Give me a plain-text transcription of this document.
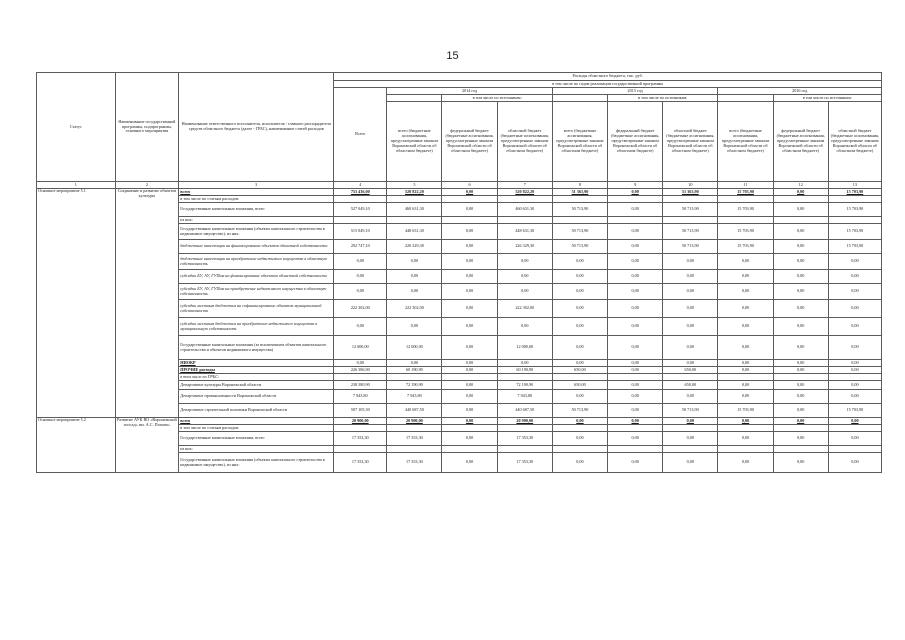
15
Статус	Наименование государственной программы, подпрограммы, основного мероприятия	Наименование ответственного исполнителя, исполнителя - главного распорядителя средств областного бюджета (далее - ГРБС), наименование статей расходов	Расходы областного бюджета, тыс. руб.									
			в том числе по годам реализации государственной программы									
			Всего	2014 год			2015 год			2016 год		
					в том числе по источникам:			в том числе по источникам:			в том числе по источникам:	
				всего (бюджетные ассигнования, предусмотренные законом Воронежской области об областном бюджете)	федеральный бюджет (бюджетные ассигнования, предусмотренные законом Воронежской области об областном бюджете)	областной бюджет (бюджетные ассигнования, предусмотренные законом Воронежской области об областном бюджете)	всего (бюджетные ассигнования, предусмотренные законом Воронежской области об областном бюджете)	федеральный бюджет (бюджетные ассигнования, предусмотренные законом Воронежской области об областном бюджете)	областной бюджет (бюджетные ассигнования, предусмотренные законом Воронежской области об областном бюджете)	всего (бюджетные ассигнования, предусмотренные законом Воронежской области об областном бюджете)	федеральный бюджет (бюджетные ассигнования, предусмотренные законом Воронежской области об областном бюджете)	областной бюджет (бюджетные ассигнования, предусмотренные законом Воронежской области об областном бюджете)
1	2	3	4	5	6	7	8	9	10	11	12	13
Основное мероприятие 5.1	Сохранение и развитие объектов культуры	всего	753 436,00	520 822,20	0,00	520 822,20	51 363,90	0,00	51 363,90	15 703,90	0,00	15 703,90
		в том числе по статьям расходов:										
		Государственные капитальные вложения, всего	527 049,10	460 631,30	0,00	460 631,30	50 713,90	0,00	50 713,90	15 703,90	0,00	15 703,90
		из них:										
		Государственные капитальные вложения (объекты капитального строительства в недвижимое имущество), из них:	515 049,10	448 631,30	0,00	448 631,30	50 713,90	0,00	50 713,90	15 703,90	0,00	15 703,90
		бюджетные инвестиции на финансирование объектов областной собственности	292 747,10	226 329,30	0,00	226 329,30	50 713,90	0,00	50 713,90	15 703,90	0,00	15 703,90
		бюджетные инвестиции на приобретение недвижимого имущества в областную собственность	0,00	0,00	0,00	0,00	0,00	0,00	0,00	0,00	0,00	0,00
		субсидии БУ, АУ, ГУПам на финансирование объектов областной собственности	0,00	0,00	0,00	0,00	0,00	0,00	0,00	0,00	0,00	0,00
		субсидии БУ, АУ, ГУПам на приобретение недвижимого имущества в областную собственность	0,00	0,00	0,00	0,00	0,00	0,00	0,00	0,00	0,00	0,00
		субсидии местным бюджетам на софинансирование объектов муниципальной собственности	222 302,00	222 302,00	0,00	222 302,00	0,00	0,00	0,00	0,00	0,00	0,00
		субсидии местным бюджетам на приобретение недвижимого имущества в муниципальную собственность	0,00	0,00	0,00	0,00	0,00	0,00	0,00	0,00	0,00	0,00
		Государственные капитальные вложения (за исключением объектов капитального строительства и объектов недвижимого имущества)	12 000,00	12 000,00	0,00	12 000,00	0,00	0,00	0,00	0,00	0,00	0,00
		НИОКР	0,00	0,00	0,00	0,00	0,00	0,00	0,00	0,00	0,00	0,00
		ПРОЧИЕ расходы	226 386,90	60 190,90	0,00	60 190,90	650,00	0,00	650,00	0,00	0,00	0,00
		в том числе по ГРБС:										
		Департамент культуры Воронежской области	238 380,90	72 190,90	0,00	72 190,90	650,00	0,00	650,00	0,00	0,00	0,00
		Департамент промышленности Воронежской области	7 943,80	7 943,80	0,00	7 943,80	0,00	0,00	0,00	0,00	0,00	0,00
		Департамент строительной политики Воронежской области	507 105,30	440 687,50	0,00	440 687,50	50 713,90	0,00	50 713,90	15 703,90	0,00	15 703,90
Основное мероприятие 5.2	Развитие АУК ВО «Воронежский зоосад» им. А.С. Попова»	всего	20 900,00	20 900,00	0,00	20 900,00	0,00	0,00	0,00	0,00	0,00	0,00
		в том числе по статьям расходов:										
		Государственные капитальные вложения, всего	17 353,30	17 353,30	0,00	17 353,30	0,00	0,00	0,00	0,00	0,00	0,00
		из них:										
		Государственные капитальные вложения (объекты капитального строительства в недвижимое имущество), из них:	17 353,30	17 353,30	0,00	17 353,30	0,00	0,00	0,00	0,00	0,00	0,00
